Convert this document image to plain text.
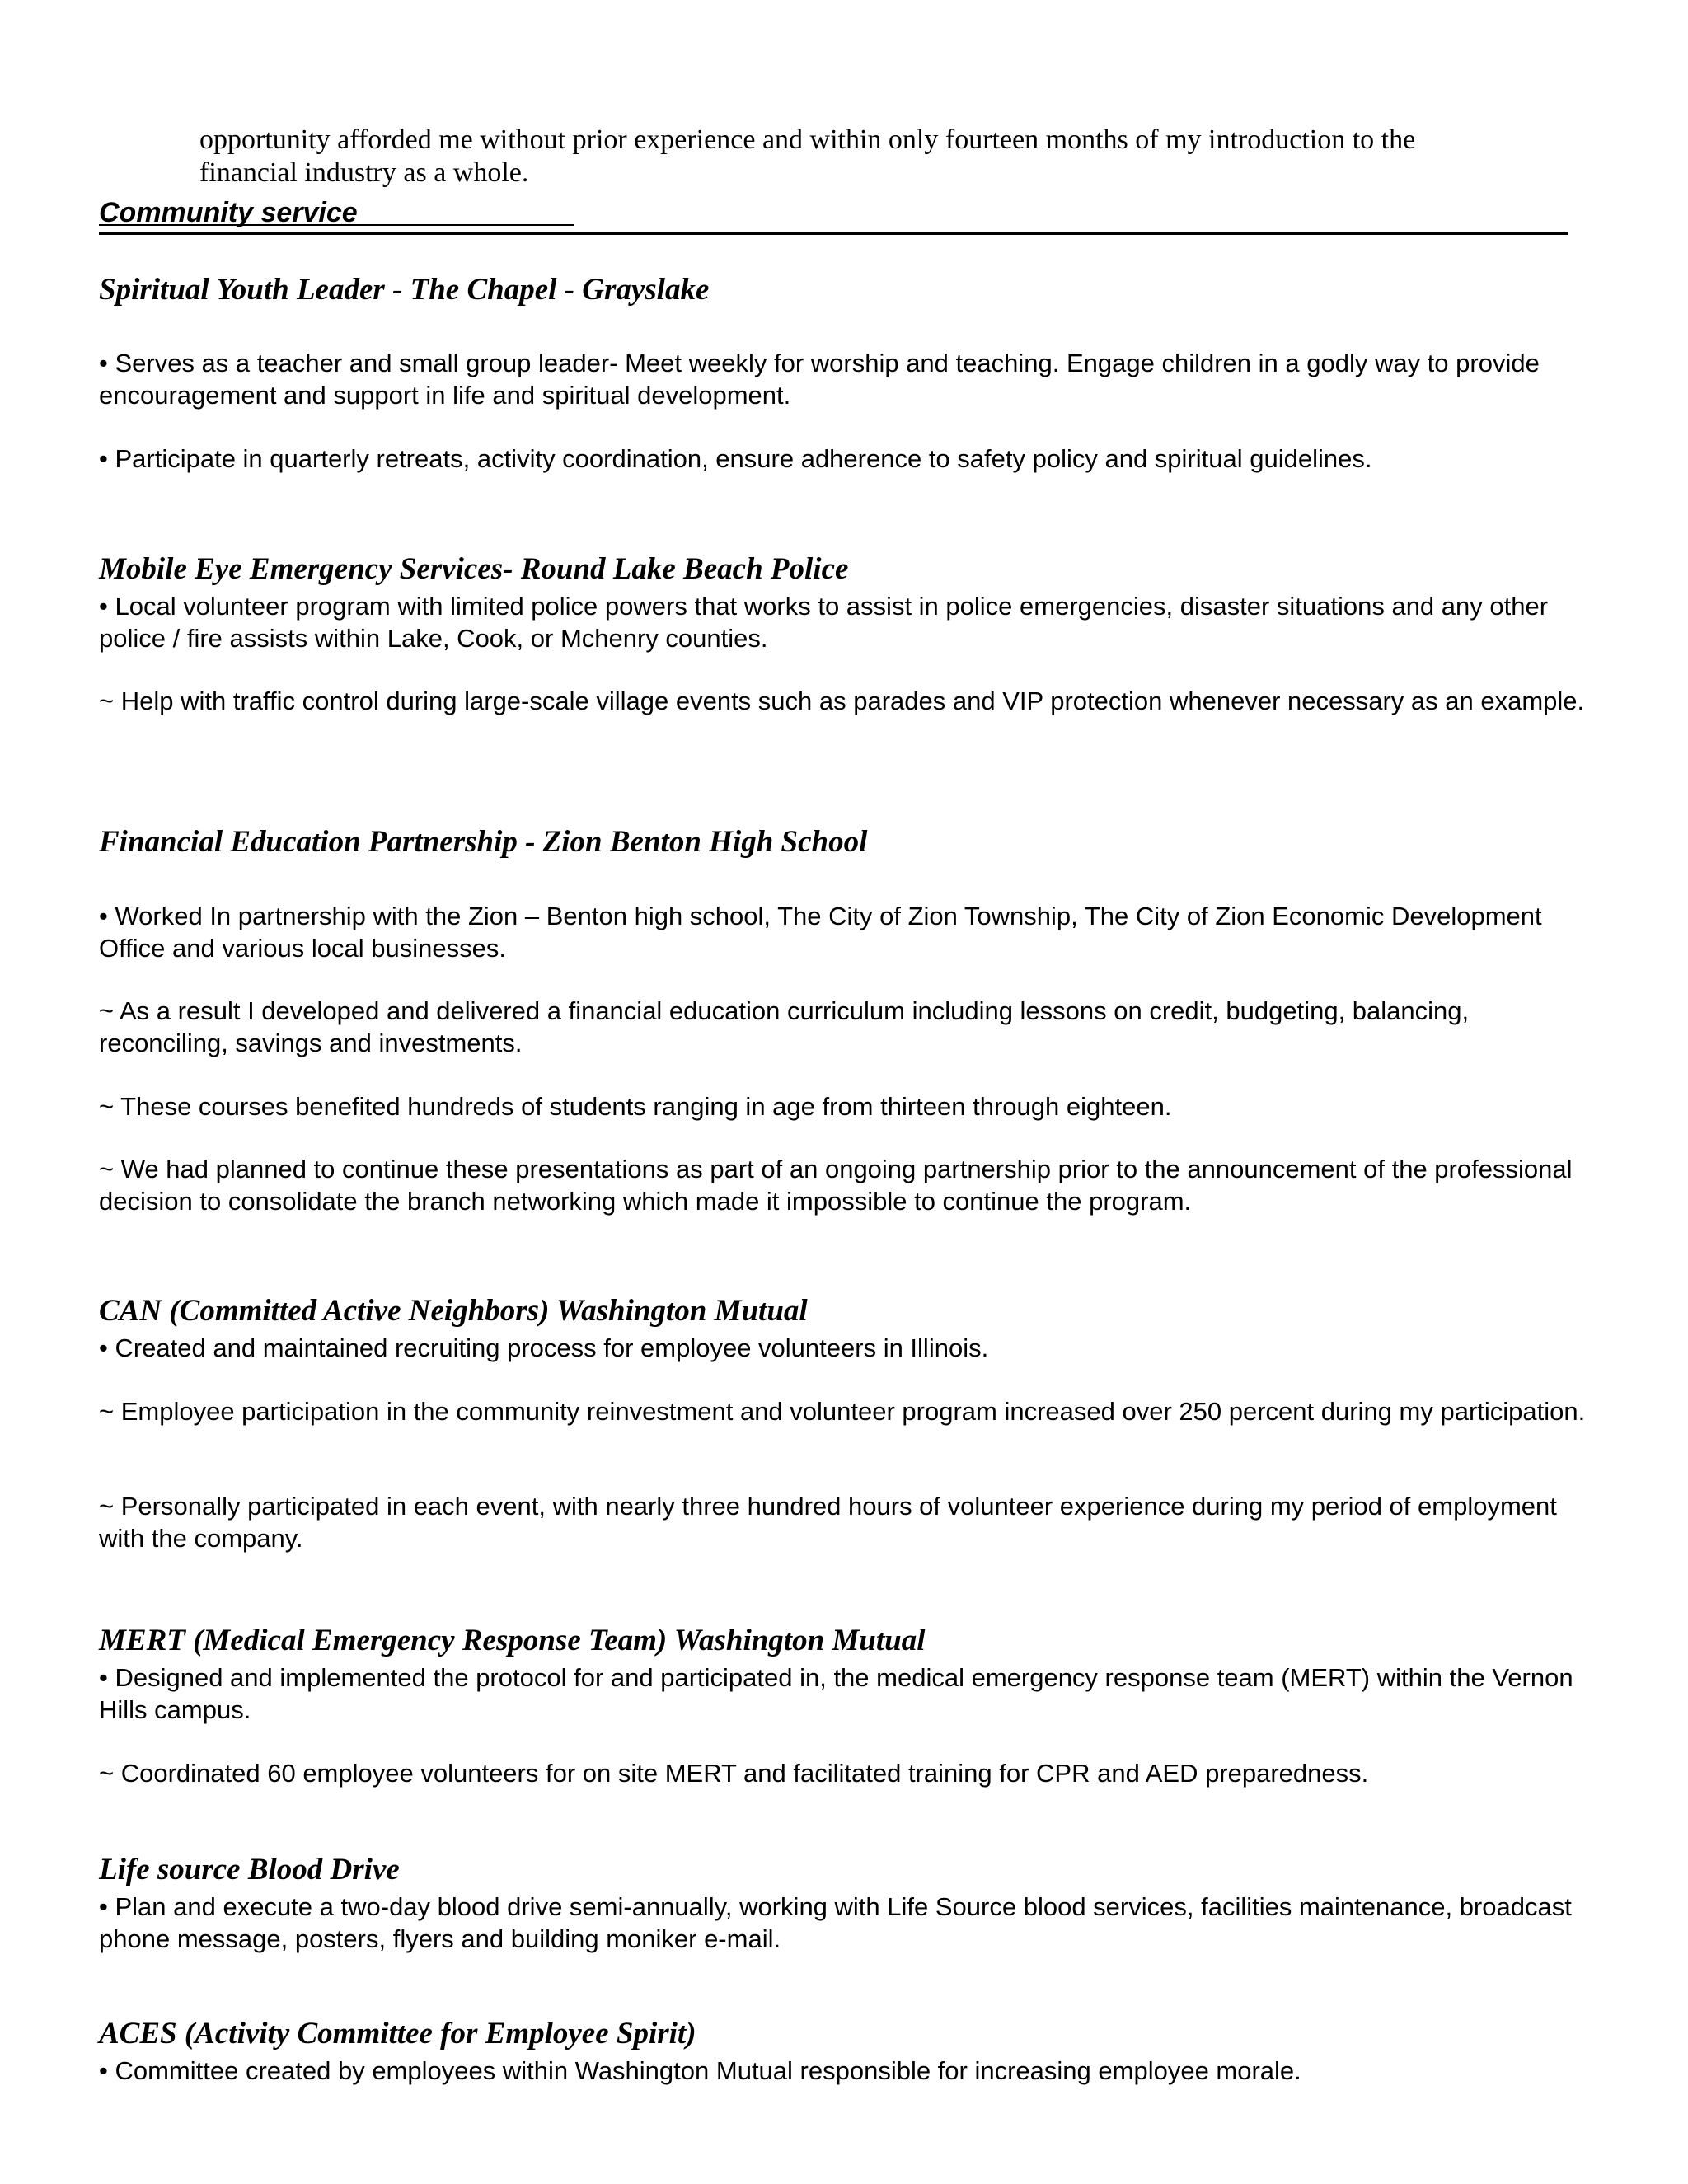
opportunity afforded me without prior experience and within only fourteen months of my introduction to the
financial industry as a whole.
Community service
Spiritual Youth Leader - The Chapel - Grayslake
• Serves as a teacher and small group leader- Meet weekly for worship and teaching. Engage children in a godly way to provide encouragement and support in life and spiritual development.
• Participate in quarterly retreats, activity coordination, ensure adherence to safety policy and spiritual guidelines.
Mobile Eye Emergency Services- Round Lake Beach Police
• Local volunteer program with limited police powers that works to assist in police emergencies, disaster situations and any other police / fire assists within Lake, Cook, or Mchenry counties.
~ Help with traffic control during large-scale village events such as parades and VIP protection whenever necessary as an example.
Financial Education Partnership - Zion Benton High School
• Worked In partnership with the Zion – Benton high school, The City of Zion Township, The City of Zion Economic Development Office and various local businesses.
~ As a result I developed and delivered a financial education curriculum including lessons on credit, budgeting, balancing, reconciling, savings and investments.
~ These courses benefited hundreds of students ranging in age from thirteen through eighteen.
~ We had planned to continue these presentations as part of an ongoing partnership prior to the announcement of the professional decision to consolidate the branch networking which made it impossible to continue the program.
CAN (Committed Active Neighbors) Washington Mutual
• Created and maintained recruiting process for employee volunteers in Illinois.
~ Employee participation in the community reinvestment and volunteer program increased over 250 percent during my participation.
~ Personally participated in each event, with nearly three hundred hours of volunteer experience during my period of employment with the company.
MERT (Medical Emergency Response Team) Washington Mutual
• Designed and implemented the protocol for and participated in, the medical emergency response team (MERT) within the Vernon Hills campus.
~ Coordinated 60 employee volunteers for on site MERT and facilitated training for CPR and AED preparedness.
Life source Blood Drive
• Plan and execute a two-day blood drive semi-annually, working with Life Source blood services, facilities maintenance, broadcast phone message, posters, flyers and building moniker e-mail.
ACES (Activity Committee for Employee Spirit)
• Committee created by employees within Washington Mutual responsible for increasing employee morale.
